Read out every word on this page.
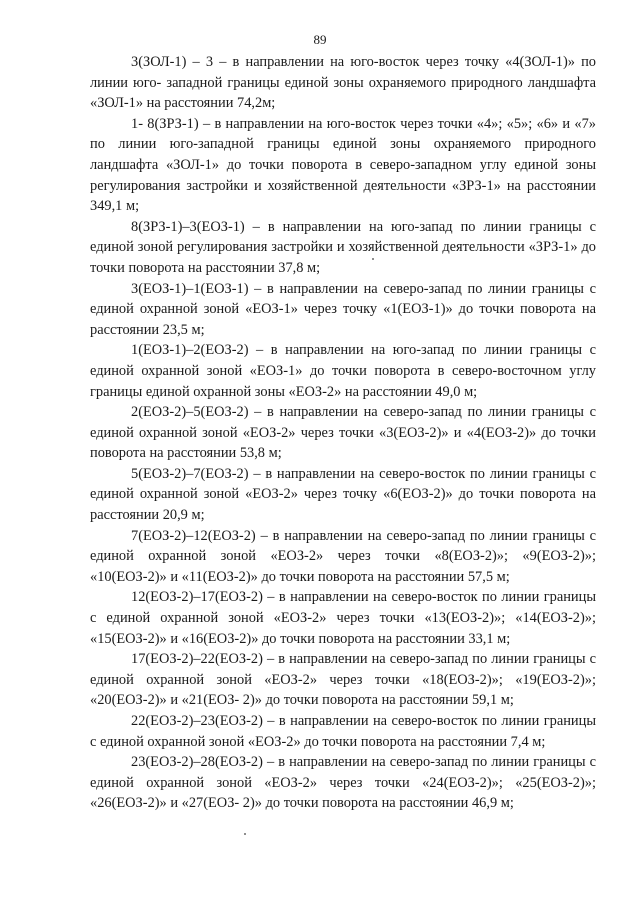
89

3(ЗОЛ-1) – 3 – в направлении на юго-восток через точку «4(ЗОЛ-1)» по линии юго- западной границы единой зоны охраняемого природного ландшафта «ЗОЛ-1» на расстоянии 74,2м;

1- 8(ЗРЗ-1) – в направлении на юго-восток через точки «4»; «5»; «6» и «7» по линии юго-западной границы единой зоны охраняемого природного ландшафта «ЗОЛ-1» до точки поворота в северо-западном углу единой зоны регулирования застройки и хозяйственной деятельности «ЗРЗ-1» на расстоянии 349,1 м;

8(ЗРЗ-1)–3(ЕОЗ-1) – в направлении на юго-запад по линии границы с единой зоной регулирования застройки и хозяйственной деятельности «ЗРЗ-1» до точки поворота на расстоянии 37,8 м;

3(ЕОЗ-1)–1(ЕОЗ-1) – в направлении на северо-запад по линии границы с единой охранной зоной «ЕОЗ-1» через точку «1(ЕОЗ-1)» до точки поворота на расстоянии 23,5 м;

1(ЕОЗ-1)–2(ЕОЗ-2) – в направлении на юго-запад по линии границы с единой охранной зоной «ЕОЗ-1» до точки поворота в северо-восточном углу границы единой охранной зоны «ЕОЗ-2» на расстоянии 49,0 м;

2(ЕОЗ-2)–5(ЕОЗ-2) – в направлении на северо-запад по линии границы с единой охранной зоной «ЕОЗ-2» через точки «3(ЕОЗ-2)» и «4(ЕОЗ-2)» до точки поворота на расстоянии 53,8 м;

5(ЕОЗ-2)–7(ЕОЗ-2) – в направлении на северо-восток по линии границы с единой охранной зоной «ЕОЗ-2» через точку «6(ЕОЗ-2)» до точки поворота на расстоянии 20,9 м;

7(ЕОЗ-2)–12(ЕОЗ-2) – в направлении на северо-запад по линии границы с единой охранной зоной «ЕОЗ-2» через точки «8(ЕОЗ-2)»; «9(ЕОЗ-2)»; «10(ЕОЗ-2)» и «11(ЕОЗ-2)» до точки поворота на расстоянии 57,5 м;

12(ЕОЗ-2)–17(ЕОЗ-2) – в направлении на северо-восток по линии границы с единой охранной зоной «ЕОЗ-2» через точки «13(ЕОЗ-2)»; «14(ЕОЗ-2)»; «15(ЕОЗ-2)» и «16(ЕОЗ-2)» до точки поворота на расстоянии 33,1 м;

17(ЕОЗ-2)–22(ЕОЗ-2) – в направлении на северо-запад по линии границы с единой охранной зоной «ЕОЗ-2» через точки «18(ЕОЗ-2)»; «19(ЕОЗ-2)»; «20(ЕОЗ-2)» и «21(ЕОЗ- 2)» до точки поворота на расстоянии 59,1 м;

22(ЕОЗ-2)–23(ЕОЗ-2) – в направлении на северо-восток по линии границы с единой охранной зоной «ЕОЗ-2» до точки поворота на расстоянии 7,4 м;

23(ЕОЗ-2)–28(ЕОЗ-2) – в направлении на северо-запад по линии границы с единой охранной зоной «ЕОЗ-2» через точки «24(ЕОЗ-2)»; «25(ЕОЗ-2)»; «26(ЕОЗ-2)» и «27(ЕОЗ- 2)» до точки поворота на расстоянии 46,9 м;
